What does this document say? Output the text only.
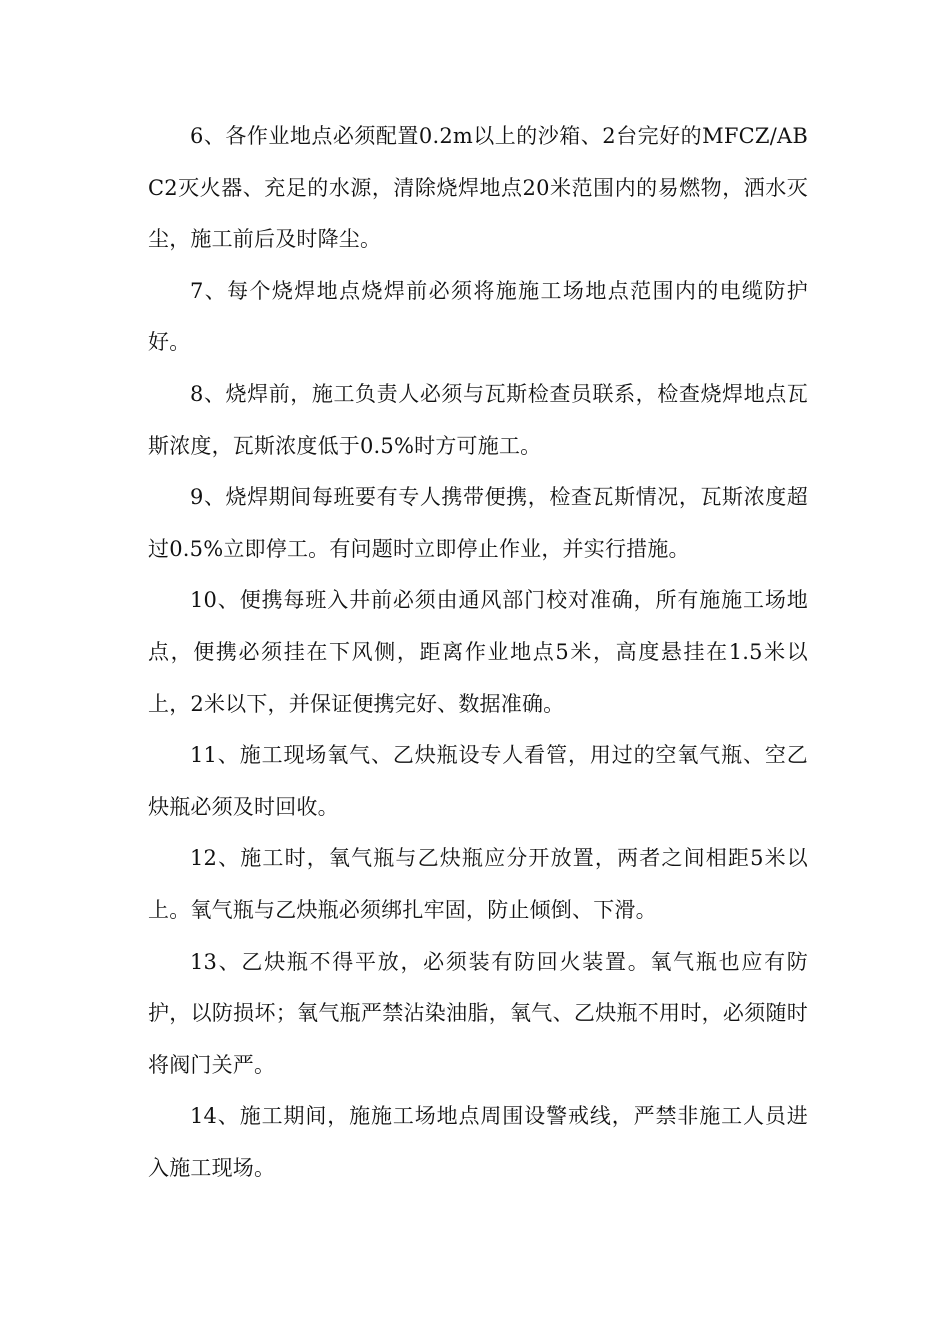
6、各作业地点必须配置0.2m以上的沙箱、2台完好的MFCZ/ABC2灭火器、充足的水源，清除烧焊地点20米范围内的易燃物，洒水灭尘，施工前后及时降尘。

7、每个烧焊地点烧焊前必须将施施工场地点范围内的电缆防护好。

8、烧焊前，施工负责人必须与瓦斯检查员联系，检查烧焊地点瓦斯浓度，瓦斯浓度低于0.5%时方可施工。

9、烧焊期间每班要有专人携带便携，检查瓦斯情况，瓦斯浓度超过0.5%立即停工。有问题时立即停止作业，并实行措施。

10、便携每班入井前必须由通风部门校对准确，所有施施工场地点，便携必须挂在下风侧，距离作业地点5米，高度悬挂在1.5米以上，2米以下，并保证便携完好、数据准确。

11、施工现场氧气、乙炔瓶设专人看管，用过的空氧气瓶、空乙炔瓶必须及时回收。

12、施工时，氧气瓶与乙炔瓶应分开放置，两者之间相距5米以上。氧气瓶与乙炔瓶必须绑扎牢固，防止倾倒、下滑。

13、乙炔瓶不得平放，必须装有防回火装置。氧气瓶也应有防护，以防损坏；氧气瓶严禁沾染油脂，氧气、乙炔瓶不用时，必须随时将阀门关严。

14、施工期间，施施工场地点周围设警戒线，严禁非施工人员进入施工现场。
